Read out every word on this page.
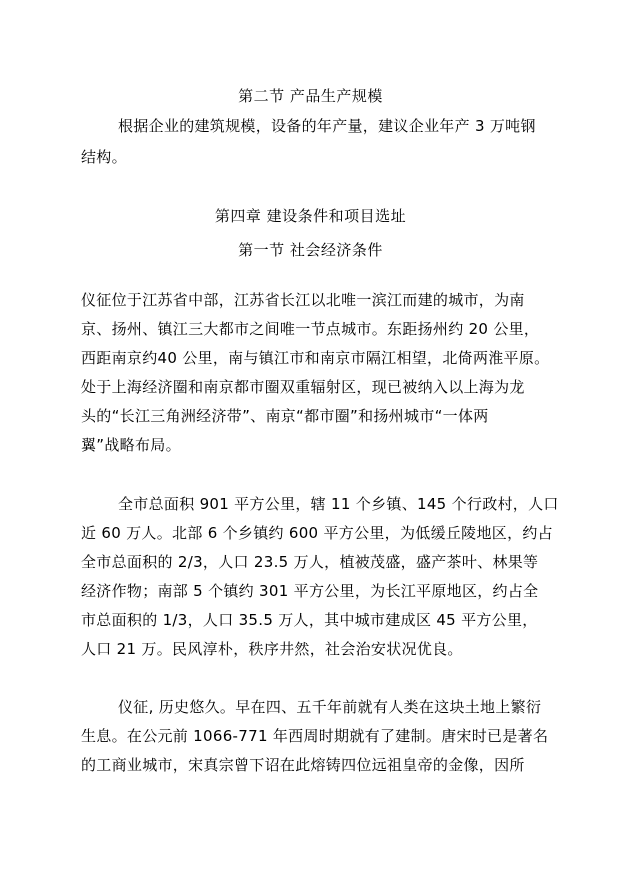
第二节 产品生产规模
根据企业的建筑规模，设备的年产量，建议企业年产 3 万吨钢
结构。
第四章 建设条件和项目选址
第一节 社会经济条件
仪征位于江苏省中部，江苏省长江以北唯一滨江而建的城市，为南
京、扬州、镇江三大都市之间唯一节点城市。东距扬州约 20 公里，
西距南京约40 公里，南与镇江市和南京市隔江相望，北倚两淮平原。
处于上海经济圈和南京都市圈双重辐射区，现已被纳入以上海为龙
头的“长江三角洲经济带”、南京“都市圈”和扬州城市“一体两
翼”战略布局。
全市总面积 901 平方公里，辖 11 个乡镇、145 个行政村，人口
近 60 万人。北部 6 个乡镇约 600 平方公里，为低缓丘陵地区，约占
全市总面积的 2/3，人口 23.5 万人，植被茂盛，盛产茶叶、林果等
经济作物；南部 5 个镇约 301 平方公里，为长江平原地区，约占全
市总面积的 1/3，人口 35.5 万人，其中城市建成区 45 平方公里，
人口 21 万。民风淳朴，秩序井然，社会治安状况优良。
仪征, 历史悠久。早在四、五千年前就有人类在这块土地上繁衍
生息。在公元前 1066-771 年西周时期就有了建制。唐宋时已是著名
的工商业城市，宋真宗曾下诏在此熔铸四位远祖皇帝的金像，因所
